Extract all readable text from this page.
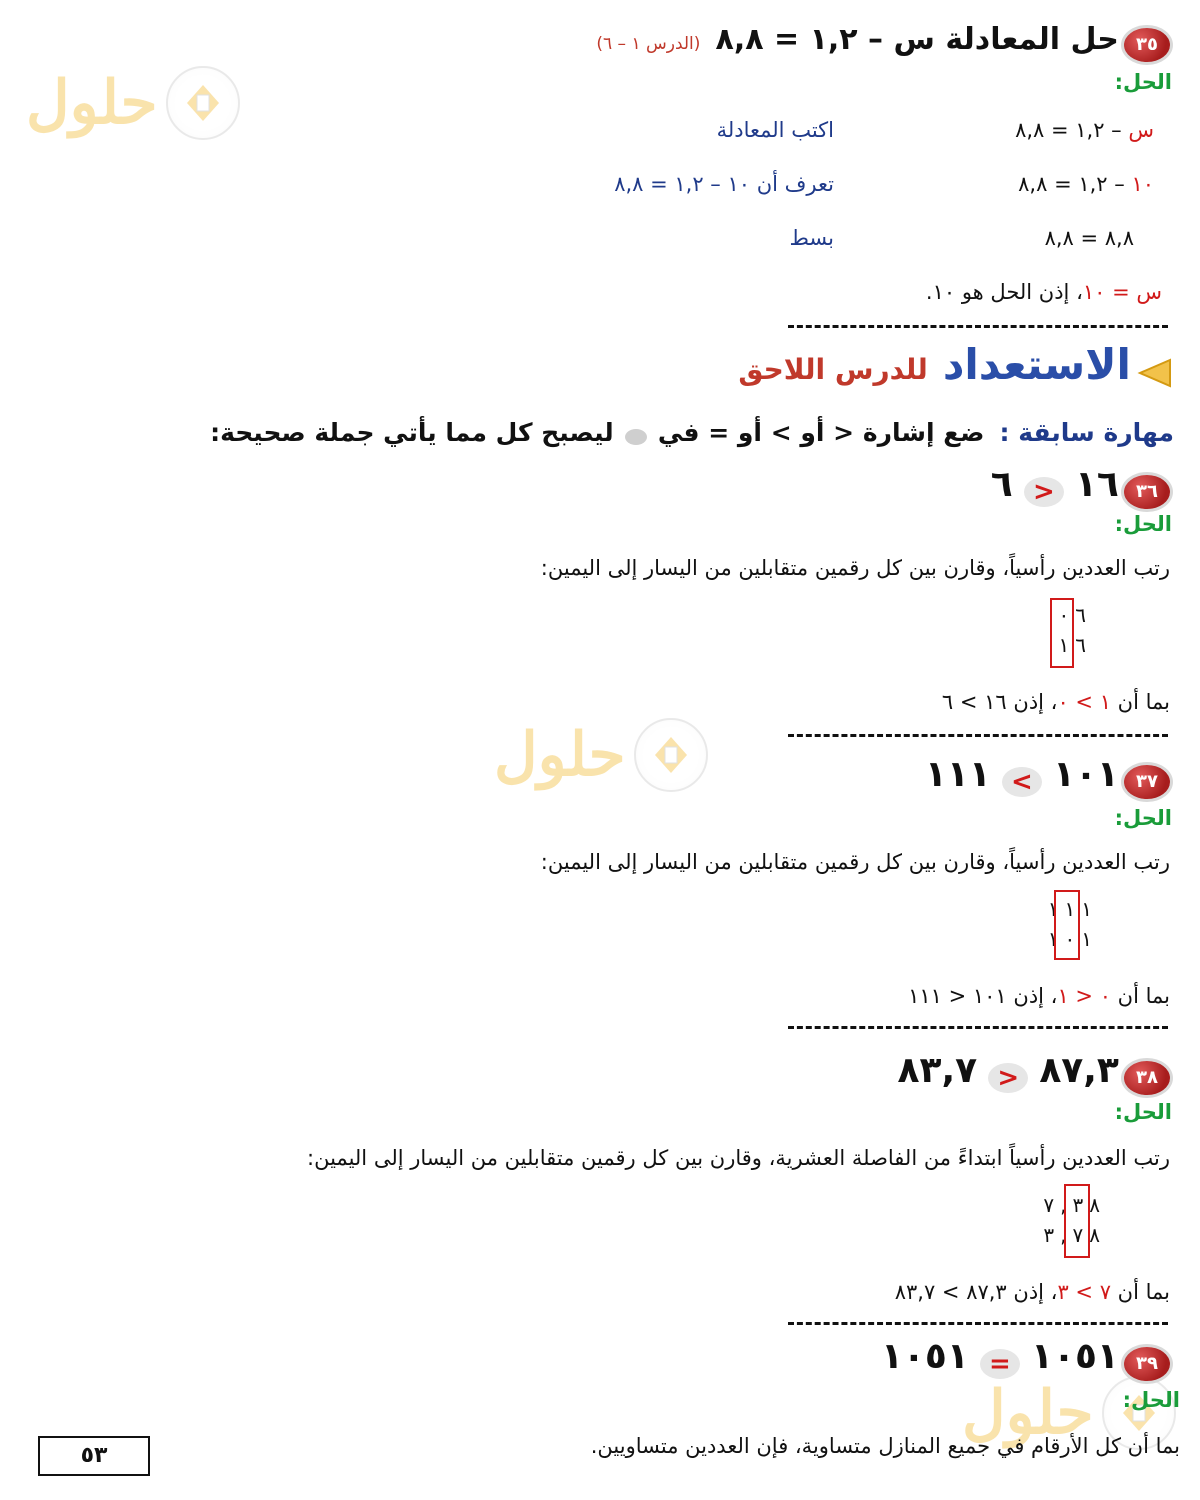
حلول
حلول
حلول
٣٥ حل المعادلة س – ١,٢ = ٨,٨ (الدرس ١ – ٦)
الحل:
س – ١,٢ = ٨,٨
اكتب المعادلة
١٠ – ١,٢ = ٨,٨
تعرف أن ١٠ – ١,٢ = ٨,٨
٨,٨ = ٨,٨
بسط
س = ١٠، إذن الحل هو ١٠.
الاستعداد للدرس اللاحق
مهارة سابقة : ضع إشارة < أو > أو = في  ليصبح كل مما يأتي جملة صحيحة:
٣٦ ١٦ < ٦
الحل:
رتب العددين رأسياً، وقارن بين كل رقمين متقابلين من اليسار إلى اليمين:
٦
٠
٦
١
بما أن ١ > ٠، إذن ١٦ > ٦
٣٧ ١٠١ > ١١١
الحل:
رتب العددين رأسياً، وقارن بين كل رقمين متقابلين من اليسار إلى اليمين:
١
١
١
١
٠
١
بما أن ٠ < ١، إذن ١٠١ < ١١١
٣٨ ٨٧,٣ < ٨٣,٧
الحل:
رتب العددين رأسياً ابتداءً من الفاصلة العشرية، وقارن بين كل رقمين متقابلين من اليسار إلى اليمين:
٨
٣
,
٧
٨
٧
,
٣
بما أن ٧ > ٣، إذن ٨٧,٣ > ٨٣,٧
٣٩ ١٠٥١ = ١٠٥١
الحل:
بما أن كل الأرقام في جميع المنازل متساوية، فإن العددين متساويين.
٥٣
